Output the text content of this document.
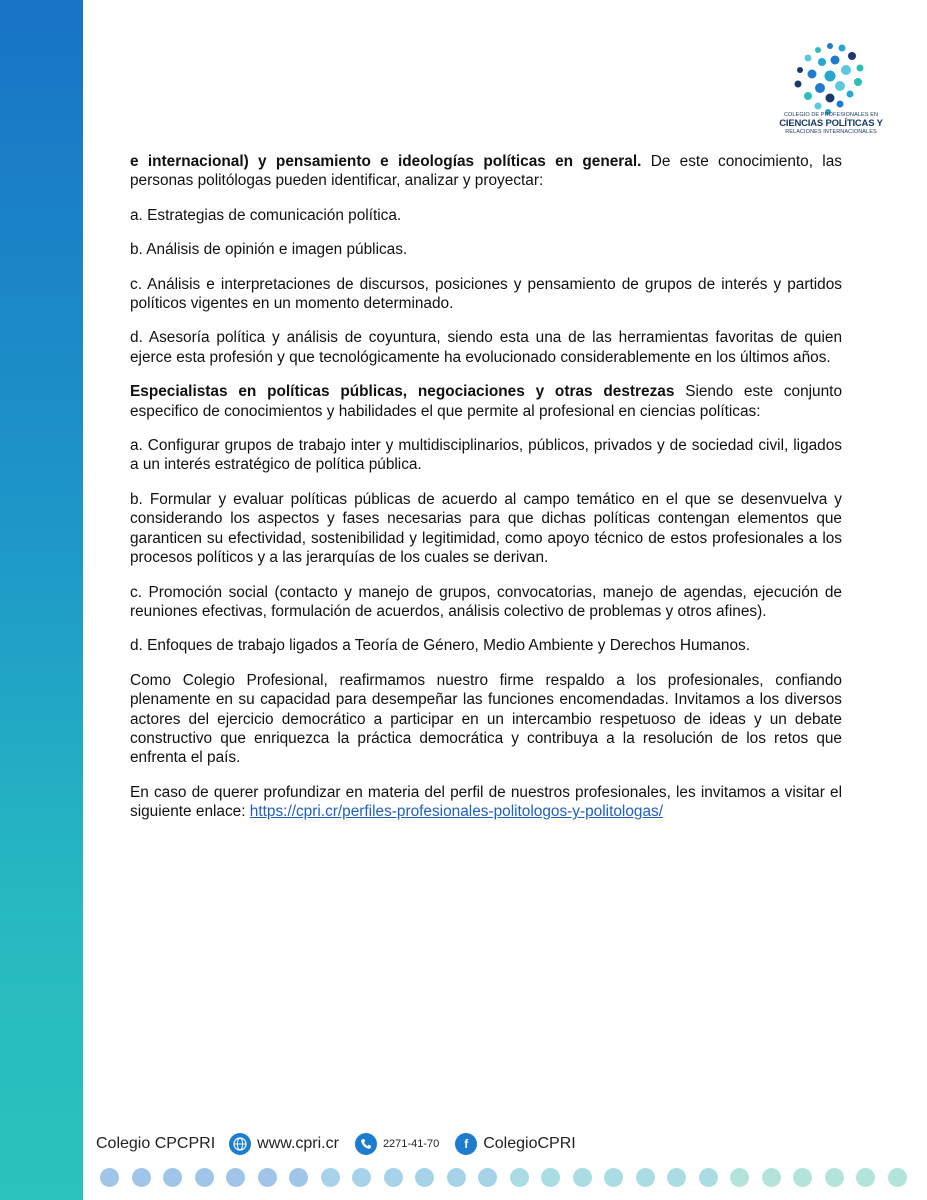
COLEGIO DE PROFESIONALES EN
CIENCIAS POLÍTICAS Y
RELACIONES INTERNACIONALES

e internacional) y pensamiento e ideologías políticas en general. De este conocimiento, las personas politólogas pueden identificar, analizar y proyectar:

a. Estrategias de comunicación política.

b. Análisis de opinión e imagen públicas.

c. Análisis e interpretaciones de discursos, posiciones y pensamiento de grupos de interés y partidos políticos vigentes en un momento determinado.

d. Asesoría política y análisis de coyuntura, siendo esta una de las herramientas favoritas de quien ejerce esta profesión y que tecnológicamente ha evolucionado considerablemente en los últimos años.

Especialistas en políticas públicas, negociaciones y otras destrezas Siendo este conjunto especifico de conocimientos y habilidades el que permite al profesional en ciencias políticas:

a. Configurar grupos de trabajo inter y multidisciplinarios, públicos, privados y de sociedad civil, ligados a un interés estratégico de política pública.

b. Formular y evaluar políticas públicas de acuerdo al campo temático en el que se desenvuelva y considerando los aspectos y fases necesarias para que dichas políticas contengan elementos que garanticen su efectividad, sostenibilidad y legitimidad, como apoyo técnico de estos profesionales a los procesos políticos y a las jerarquías de los cuales se derivan.

c. Promoción social (contacto y manejo de grupos, convocatorias, manejo de agendas, ejecución de reuniones efectivas, formulación de acuerdos, análisis colectivo de problemas y otros afines).

d. Enfoques de trabajo ligados a Teoría de Género, Medio Ambiente y Derechos Humanos.

Como Colegio Profesional, reafirmamos nuestro firme respaldo a los profesionales, confiando plenamente en su capacidad para desempeñar las funciones encomendadas. Invitamos a los diversos actores del ejercicio democrático a participar en un intercambio respetuoso de ideas y un debate constructivo que enriquezca la práctica democrática y contribuya a la resolución de los retos que enfrenta el país.

En caso de querer profundizar en materia del perfil de nuestros profesionales, les invitamos a visitar el siguiente enlace: https://cpri.cr/perfiles-profesionales-politologos-y-politologas/

Colegio CPCPRI	www.cpri.cr	2271-41-70	f ColegioCPRI
